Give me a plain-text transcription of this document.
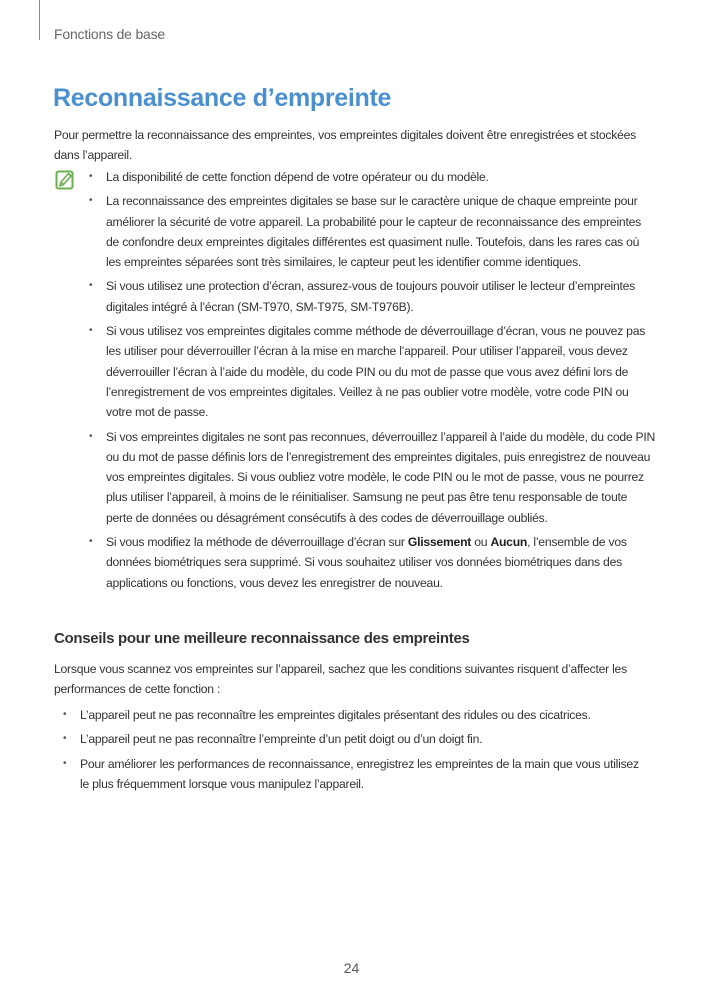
Fonctions de base
Reconnaissance d’empreinte

Pour permettre la reconnaissance des empreintes, vos empreintes digitales doivent être enregistrées et stockées dans l’appareil.

• La disponibilité de cette fonction dépend de votre opérateur ou du modèle.
• La reconnaissance des empreintes digitales se base sur le caractère unique de chaque empreinte pour améliorer la sécurité de votre appareil. La probabilité pour le capteur de reconnaissance des empreintes de confondre deux empreintes digitales différentes est quasiment nulle. Toutefois, dans les rares cas où les empreintes séparées sont très similaires, le capteur peut les identifier comme identiques.
• Si vous utilisez une protection d’écran, assurez-vous de toujours pouvoir utiliser le lecteur d’empreintes digitales intégré à l’écran (SM-T970, SM-T975, SM-T976B).
• Si vous utilisez vos empreintes digitales comme méthode de déverrouillage d’écran, vous ne pouvez pas les utiliser pour déverrouiller l’écran à la mise en marche l’appareil. Pour utiliser l’appareil, vous devez déverrouiller l’écran à l’aide du modèle, du code PIN ou du mot de passe que vous avez défini lors de l’enregistrement de vos empreintes digitales. Veillez à ne pas oublier votre modèle, votre code PIN ou votre mot de passe.
• Si vos empreintes digitales ne sont pas reconnues, déverrouillez l’appareil à l’aide du modèle, du code PIN ou du mot de passe définis lors de l’enregistrement des empreintes digitales, puis enregistrez de nouveau vos empreintes digitales. Si vous oubliez votre modèle, le code PIN ou le mot de passe, vous ne pourrez plus utiliser l’appareil, à moins de le réinitialiser. Samsung ne peut pas être tenu responsable de toute perte de données ou désagrément consécutifs à des codes de déverrouillage oubliés.
• Si vous modifiez la méthode de déverrouillage d’écran sur Glissement ou Aucun, l’ensemble de vos données biométriques sera supprimé. Si vous souhaitez utiliser vos données biométriques dans des applications ou fonctions, vous devez les enregistrer de nouveau.
Conseils pour une meilleure reconnaissance des empreintes

Lorsque vous scannez vos empreintes sur l’appareil, sachez que les conditions suivantes risquent d’affecter les performances de cette fonction :

• L’appareil peut ne pas reconnaître les empreintes digitales présentant des ridules ou des cicatrices.
• L’appareil peut ne pas reconnaître l’empreinte d’un petit doigt ou d’un doigt fin.
• Pour améliorer les performances de reconnaissance, enregistrez les empreintes de la main que vous utilisez le plus fréquemment lorsque vous manipulez l’appareil.
24
